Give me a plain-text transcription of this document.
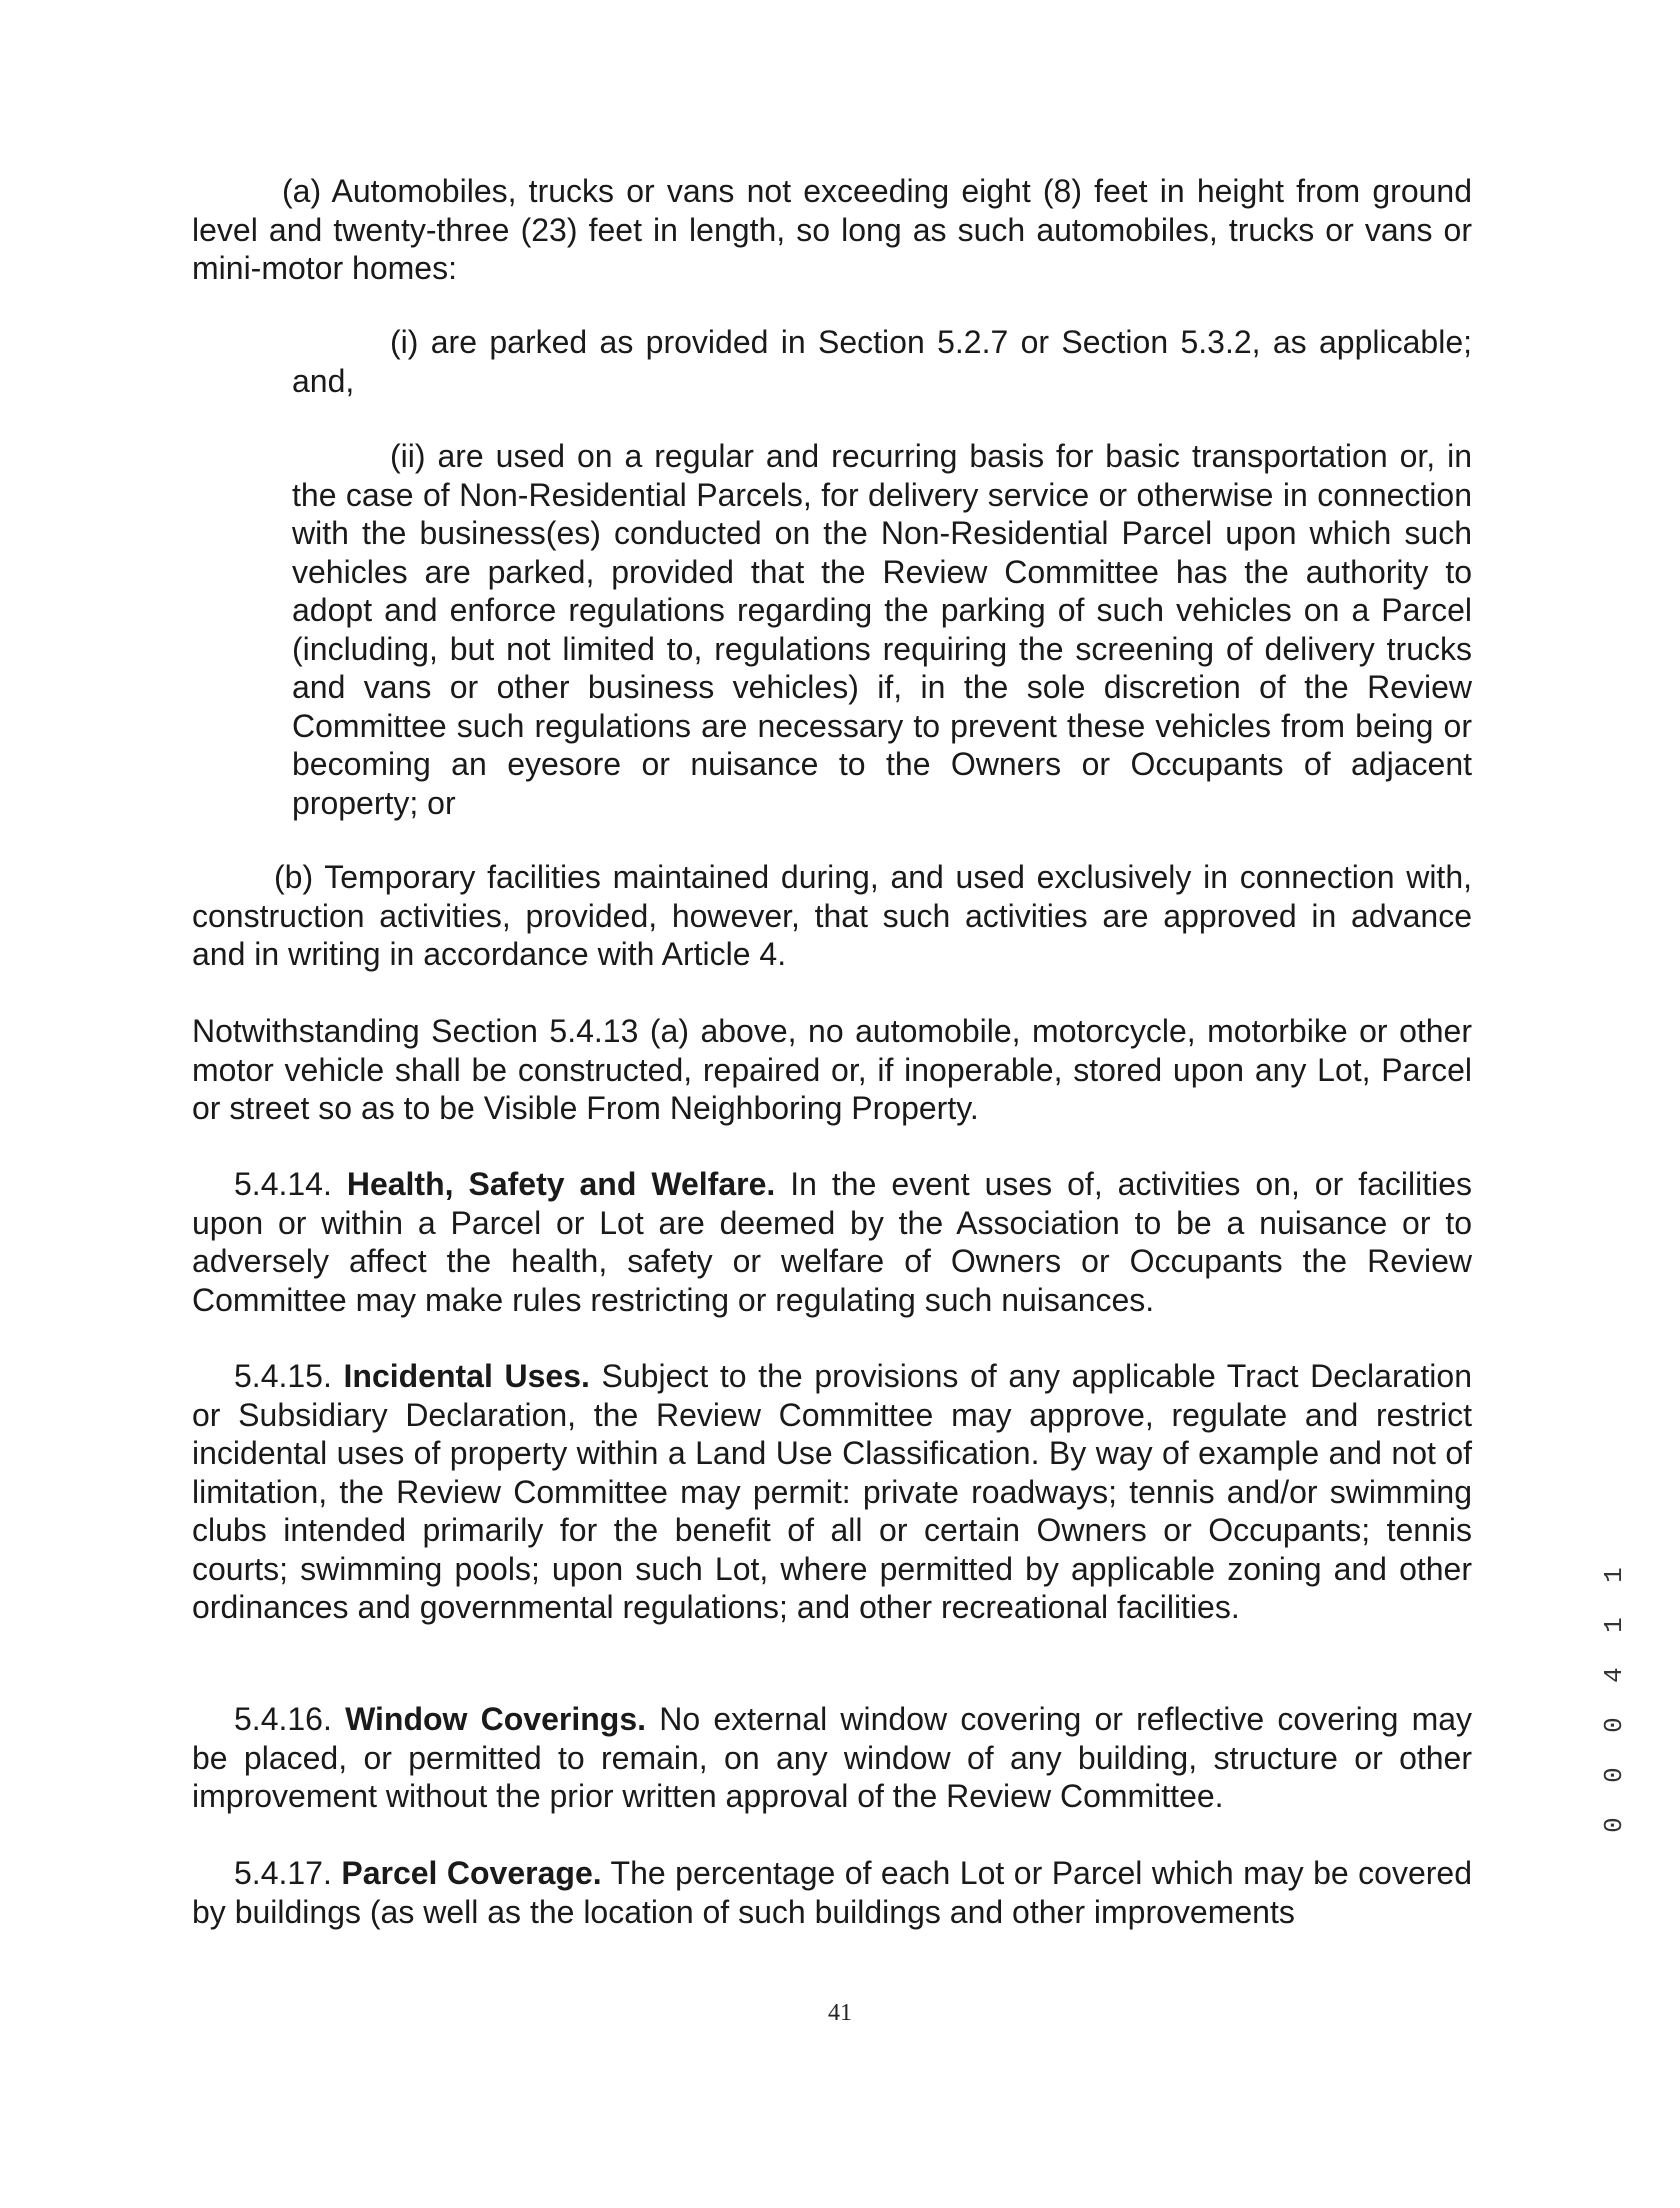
(a) Automobiles, trucks or vans not exceeding eight (8) feet in height from ground level and twenty-three (23) feet in length, so long as such automobiles, trucks or vans or mini-motor homes:

(i) are parked as provided in Section 5.2.7 or Section 5.3.2, as applicable; and,

(ii) are used on a regular and recurring basis for basic transportation or, in the case of Non-Residential Parcels, for delivery service or otherwise in connection with the business(es) conducted on the Non-Residential Parcel upon which such vehicles are parked, provided that the Review Committee has the authority to adopt and enforce regulations regarding the parking of such vehicles on a Parcel (including, but not limited to, regulations requiring the screening of delivery trucks and vans or other business vehicles) if, in the sole discretion of the Review Committee such regulations are necessary to prevent these vehicles from being or becoming an eyesore or nuisance to the Owners or Occupants of adjacent property; or

(b) Temporary facilities maintained during, and used exclusively in connection with, construction activities, provided, however, that such activities are approved in advance and in writing in accordance with Article 4.

Notwithstanding Section 5.4.13 (a) above, no automobile, motorcycle, motorbike or other motor vehicle shall be constructed, repaired or, if inoperable, stored upon any Lot, Parcel or street so as to be Visible From Neighboring Property.

5.4.14. Health, Safety and Welfare. In the event uses of, activities on, or facilities upon or within a Parcel or Lot are deemed by the Association to be a nuisance or to adversely affect the health, safety or welfare of Owners or Occupants the Review Committee may make rules restricting or regulating such nuisances.

5.4.15. Incidental Uses. Subject to the provisions of any applicable Tract Declaration or Subsidiary Declaration, the Review Committee may approve, regulate and restrict incidental uses of property within a Land Use Classification. By way of example and not of limitation, the Review Committee may permit: private roadways; tennis and/or swimming clubs intended primarily for the benefit of all or certain Owners or Occupants; tennis courts; swimming pools; upon such Lot, where permitted by applicable zoning and other ordinances and governmental regulations; and other recreational facilities.

5.4.16. Window Coverings. No external window covering or reflective covering may be placed, or permitted to remain, on any window of any building, structure or other improvement without the prior written approval of the Review Committee.

5.4.17. Parcel Coverage. The percentage of each Lot or Parcel which may be covered by buildings (as well as the location of such buildings and other improvements

0
0
0
4
1
1
41
